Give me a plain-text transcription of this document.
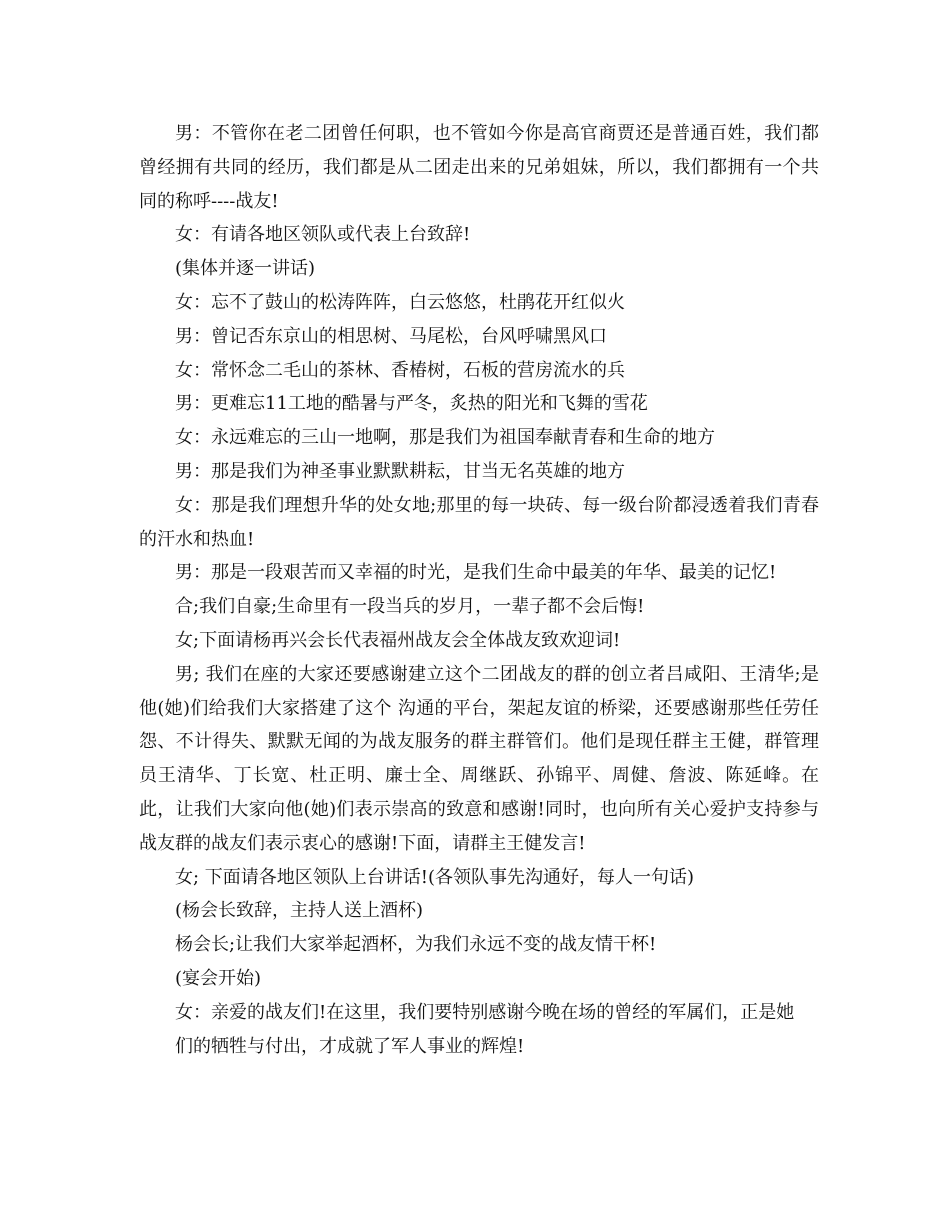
男：不管你在老二团曾任何职，也不管如今你是高官商贾还是普通百姓，我们都曾经拥有共同的经历，我们都是从二团走出来的兄弟姐妹，所以，我们都拥有一个共同的称呼----战友!

女：有请各地区领队或代表上台致辞!

(集体并逐一讲话)

女：忘不了鼓山的松涛阵阵，白云悠悠，杜鹃花开红似火

男：曾记否东京山的相思树、马尾松，台风呼啸黑风口

女：常怀念二毛山的茶林、香椿树，石板的营房流水的兵

男：更难忘11工地的酷暑与严冬，炙热的阳光和飞舞的雪花

女：永远难忘的三山一地啊，那是我们为祖国奉献青春和生命的地方

男：那是我们为神圣事业默默耕耘，甘当无名英雄的地方

女：那是我们理想升华的处女地;那里的每一块砖、每一级台阶都浸透着我们青春的汗水和热血!

男：那是一段艰苦而又幸福的时光，是我们生命中最美的年华、最美的记忆!

合;我们自豪;生命里有一段当兵的岁月，一辈子都不会后悔!

女;下面请杨再兴会长代表福州战友会全体战友致欢迎词!

男; 我们在座的大家还要感谢建立这个二团战友的群的创立者吕咸阳、王清华;是他(她)们给我们大家搭建了这个 沟通的平台，架起友谊的桥梁，还要感谢那些任劳任怨、不计得失、默默无闻的为战友服务的群主群管们。他们是现任群主王健，群管理员王清华、丁长宽、杜正明、廉士全、周继跃、孙锦平、周健、詹波、陈延峰。在此，让我们大家向他(她)们表示崇高的致意和感谢!同时，也向所有关心爱护支持参与战友群的战友们表示衷心的感谢!下面，请群主王健发言!

女; 下面请各地区领队上台讲话!(各领队事先沟通好，每人一句话)

(杨会长致辞，主持人送上酒杯)

杨会长;让我们大家举起酒杯，为我们永远不变的战友情干杯!

(宴会开始)

女：亲爱的战友们!在这里，我们要特别感谢今晚在场的曾经的军属们，正是她

们的牺牲与付出，才成就了军人事业的辉煌!
